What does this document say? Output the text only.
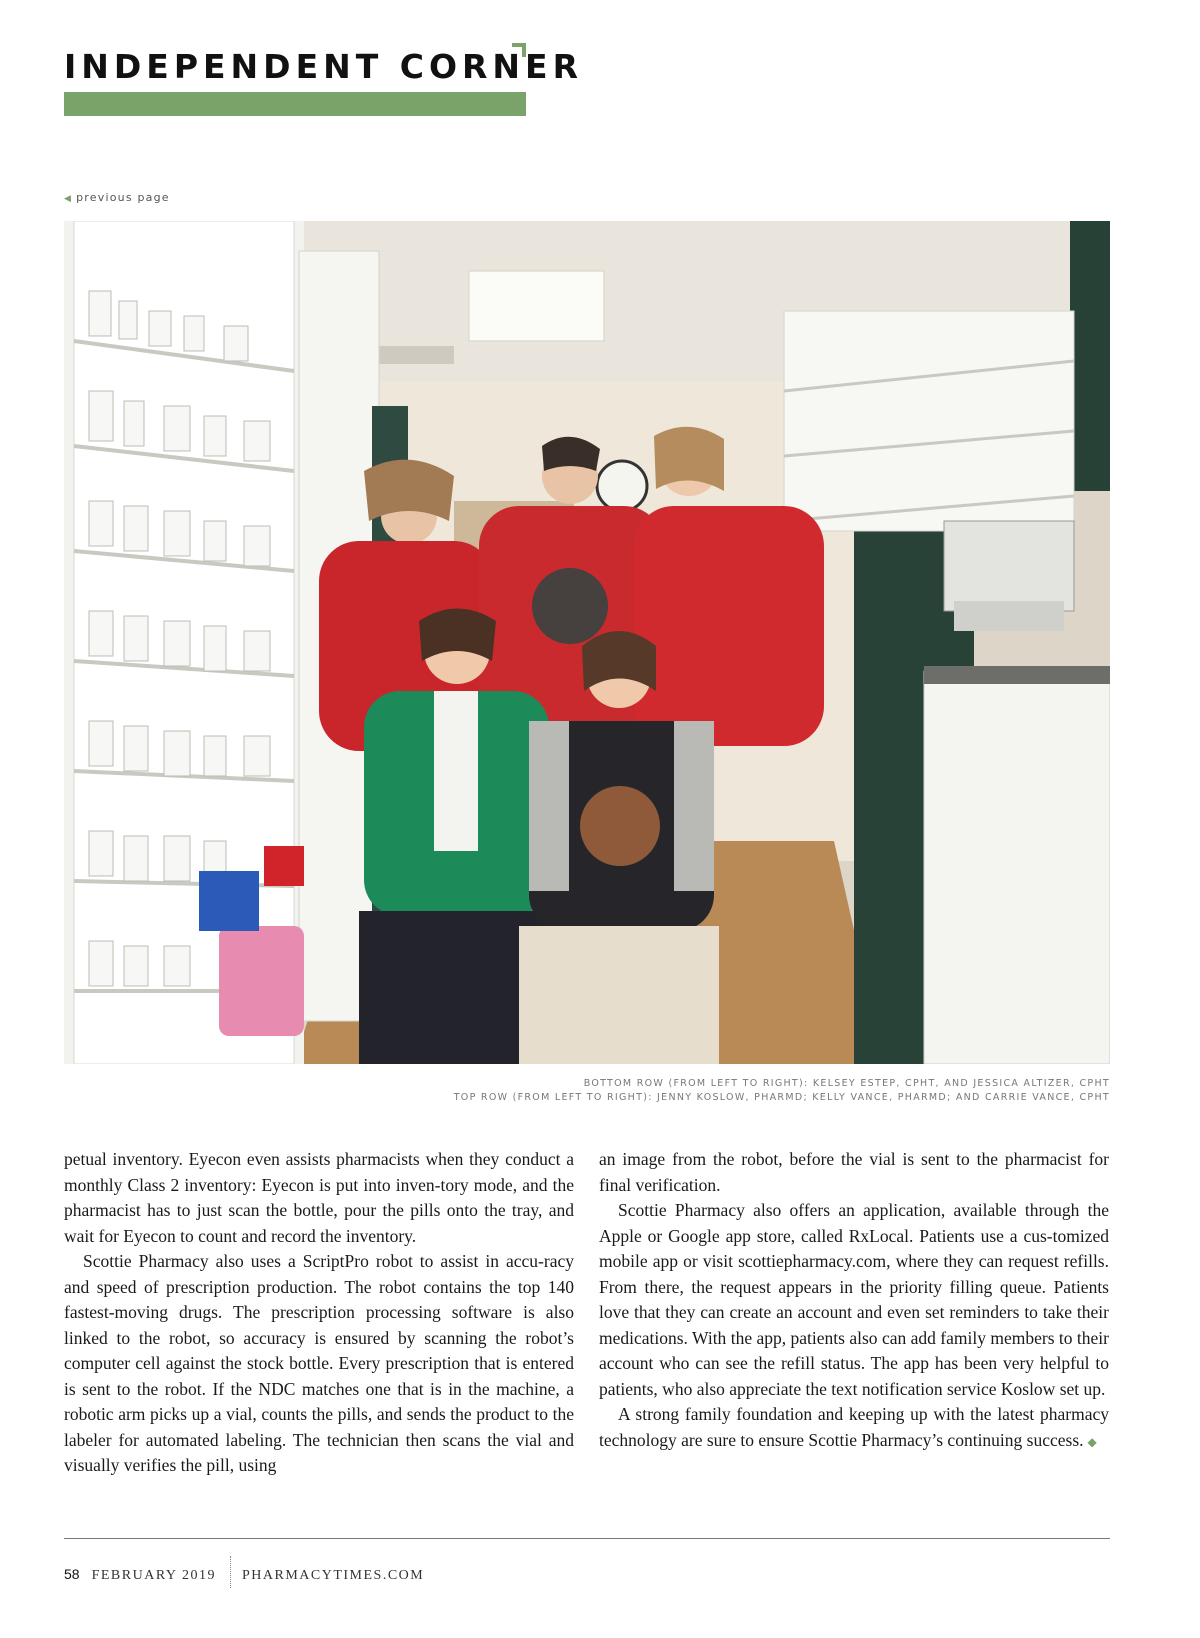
INDEPENDENT CORNER
◀ previous page
BOTTOM ROW (FROM LEFT TO RIGHT): KELSEY ESTEP, CPHT, AND JESSICA ALTIZER, CPHT
TOP ROW (FROM LEFT TO RIGHT): JENNY KOSLOW, PHARMD; KELLY VANCE, PHARMD; AND CARRIE VANCE, CPHT

petual inventory. Eyecon even assists pharmacists when they conduct a monthly Class 2 inventory: Eyecon is put into inven-tory mode, and the pharmacist has to just scan the bottle, pour the pills onto the tray, and wait for Eyecon to count and record the inventory.

Scottie Pharmacy also uses a ScriptPro robot to assist in accu-racy and speed of prescription production. The robot contains the top 140 fastest-moving drugs. The prescription processing software is also linked to the robot, so accuracy is ensured by scanning the robot’s computer cell against the stock bottle. Every prescription that is entered is sent to the robot. If the NDC matches one that is in the machine, a robotic arm picks up a vial, counts the pills, and sends the product to the labeler for automated labeling. The technician then scans the vial and visually verifies the pill, using

an image from the robot, before the vial is sent to the pharmacist for final verification.

Scottie Pharmacy also offers an application, available through the Apple or Google app store, called RxLocal. Patients use a cus-tomized mobile app or visit scottiepharmacy.com, where they can request refills. From there, the request appears in the priority filling queue. Patients love that they can create an account and even set reminders to take their medications. With the app, patients also can add family members to their account who can see the refill status. The app has been very helpful to patients, who also appreciate the text notification service Koslow set up.

A strong family foundation and keeping up with the latest pharmacy technology are sure to ensure Scottie Pharmacy’s continuing success. ◆

58 FEBRUARY 2019 PHARMACYTIMES.COM
